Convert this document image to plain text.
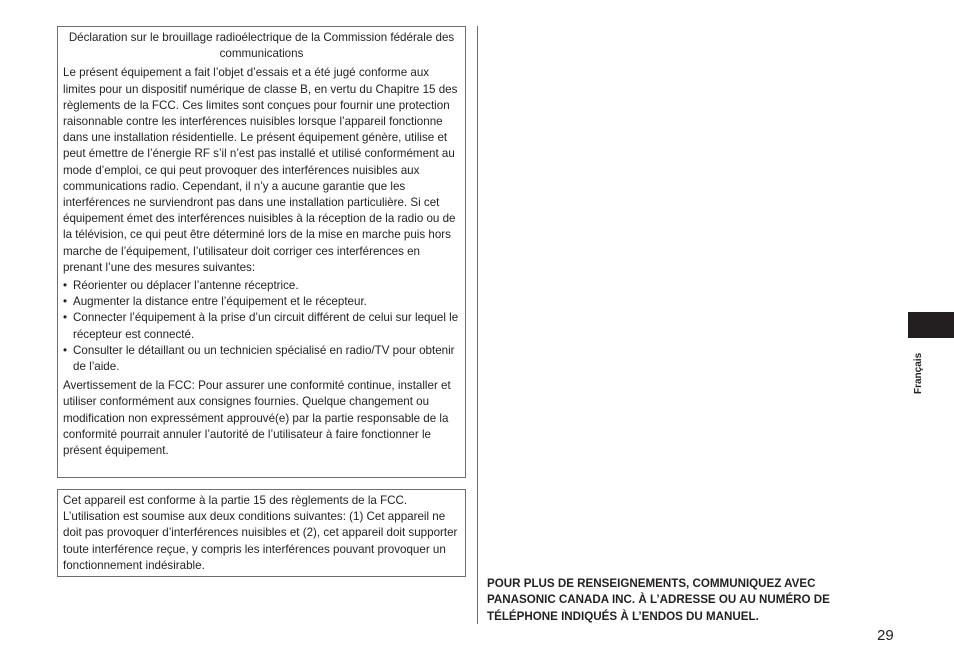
Déclaration sur le brouillage radioélectrique de la Commission fédérale des communications

Le présent équipement a fait l’objet d’essais et a été jugé conforme aux limites pour un dispositif numérique de classe B, en vertu du Chapitre 15 des règlements de la FCC. Ces limites sont conçues pour fournir une protection raisonnable contre les interférences nuisibles lorsque l’appareil fonctionne dans une installation résidentielle. Le présent équipement génère, utilise et peut émettre de l’énergie RF s’il n’est pas installé et utilisé conformément au mode d’emploi, ce qui peut provoquer des interférences nuisibles aux communications radio. Cependant, il n’y a aucune garantie que les interférences ne surviendront pas dans une installation particulière. Si cet équipement émet des interférences nuisibles à la réception de la radio ou de la télévision, ce qui peut être déterminé lors de la mise en marche puis hors marche de l’équipement, l’utilisateur doit corriger ces interférences en prenant l’une des mesures suivantes:

• Réorienter ou déplacer l’antenne réceptrice.
• Augmenter la distance entre l’équipement et le récepteur.
• Connecter l’équipement à la prise d’un circuit différent de celui sur lequel le récepteur est connecté.
• Consulter le détaillant ou un technicien spécialisé en radio/TV pour obtenir de l’aide.

Avertissement de la FCC: Pour assurer une conformité continue, installer et utiliser conformément aux consignes fournies. Quelque changement ou modification non expressément approuvé(e) par la partie responsable de la conformité pourrait annuler l’autorité de l’utilisateur à faire fonctionner le présent équipement.

Cet appareil est conforme à la partie 15 des règlements de la FCC. L’utilisation est soumise aux deux conditions suivantes: (1) Cet appareil ne doit pas provoquer d’interférences nuisibles et (2), cet appareil doit supporter toute interférence reçue, y compris les interférences pouvant provoquer un fonctionnement indésirable.

POUR PLUS DE RENSEIGNEMENTS, COMMUNIQUEZ AVEC PANASONIC CANADA INC. À L’ADRESSE OU AU NUMÉRO DE TÉLÉPHONE INDIQUÉS À L’ENDOS DU MANUEL.
Français
29
